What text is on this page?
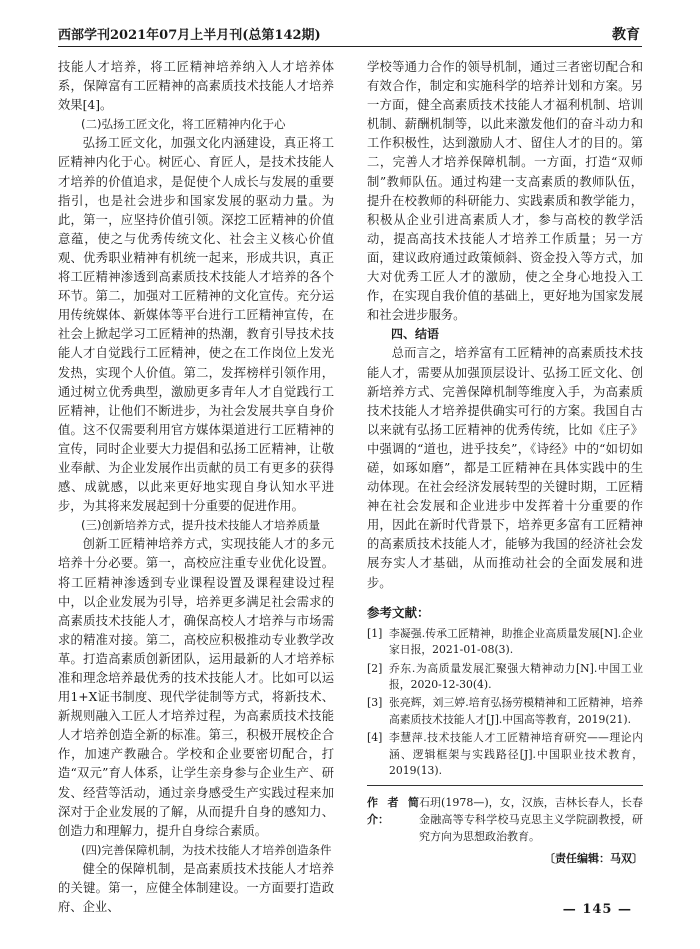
西部学刊2021年07月上半月刊(总第142期)	教育

技能人才培养，将工匠精神培养纳入人才培养体系，保障富有工匠精神的高素质技术技能人才培养效果[4]。

(二)弘扬工匠文化，将工匠精神内化于心

弘扬工匠文化，加强文化内涵建设，真正将工匠精神内化于心。树匠心、育匠人，是技术技能人才培养的价值追求，是促使个人成长与发展的重要指引，也是社会进步和国家发展的驱动力量。为此，第一，应坚持价值引领。深挖工匠精神的价值意蕴，使之与优秀传统文化、社会主义核心价值观、优秀职业精神有机统一起来，形成共识，真正将工匠精神渗透到高素质技术技能人才培养的各个环节。第二，加强对工匠精神的文化宣传。充分运用传统媒体、新媒体等平台进行工匠精神宣传，在社会上掀起学习工匠精神的热潮，教育引导技术技能人才自觉践行工匠精神，使之在工作岗位上发光发热，实现个人价值。第二，发挥榜样引领作用，通过树立优秀典型，激励更多青年人才自觉践行工匠精神，让他们不断进步，为社会发展共享自身价值。这不仅需要利用官方媒体渠道进行工匠精神的宣传，同时企业要大力提倡和弘扬工匠精神，让敬业奉献、为企业发展作出贡献的员工有更多的获得感、成就感，以此来更好地实现自身认知水平进步，为其将来发展起到十分重要的促进作用。

(三)创新培养方式，提升技术技能人才培养质量

创新工匠精神培养方式，实现技能人才的多元培养十分必要。第一，高校应注重专业优化设置。将工匠精神渗透到专业课程设置及课程建设过程中，以企业发展为引导，培养更多满足社会需求的高素质技术技能人才，确保高校人才培养与市场需求的精准对接。第二，高校应积极推动专业教学改革。打造高素质创新团队，运用最新的人才培养标准和理念培养最优秀的技术技能人才。比如可以运用1+X证书制度、现代学徒制等方式，将新技术、新规则融入工匠人才培养过程，为高素质技术技能人才培养创造全新的标准。第三，积极开展校企合作，加速产教融合。学校和企业要密切配合，打造“双元”育人体系，让学生亲身参与企业生产、研发、经营等活动，通过亲身感受生产实践过程来加深对于企业发展的了解，从而提升自身的感知力、创造力和理解力，提升自身综合素质。

(四)完善保障机制，为技术技能人才培养创造条件

健全的保障机制，是高素质技术技能人才培养的关键。第一，应健全体制建设。一方面要打造政府、企业、

学校等通力合作的领导机制，通过三者密切配合和有效合作，制定和实施科学的培养计划和方案。另一方面，健全高素质技术技能人才福利机制、培训机制、薪酬机制等，以此来激发他们的奋斗动力和工作积极性，达到激励人才、留住人才的目的。第二，完善人才培养保障机制。一方面，打造“双师制”教师队伍。通过构建一支高素质的教师队伍，提升在校教师的科研能力、实践素质和教学能力，积极从企业引进高素质人才，参与高校的教学活动，提高高技术技能人才培养工作质量；另一方面，建议政府通过政策倾斜、资金投入等方式，加大对优秀工匠人才的激励，使之全身心地投入工作，在实现自我价值的基础上，更好地为国家发展和社会进步服务。

四、结语

总而言之，培养富有工匠精神的高素质技术技能人才，需要从加强顶层设计、弘扬工匠文化、创新培养方式、完善保障机制等维度入手，为高素质技术技能人才培养提供确实可行的方案。我国自古以来就有弘扬工匠精神的优秀传统，比如《庄子》中强调的“道也，进乎技矣”，《诗经》中的“如切如磋，如琢如磨”，都是工匠精神在具体实践中的生动体现。在社会经济发展转型的关键时期，工匠精神在社会发展和企业进步中发挥着十分重要的作用，因此在新时代背景下，培养更多富有工匠精神的高素质技术技能人才，能够为我国的经济社会发展夯实人才基础，从而推动社会的全面发展和进步。

参考文献：
[1] 李凝强.传承工匠精神，助推企业高质量发展[N].企业家日报，2021-01-08(3).
[2] 乔东.为高质量发展汇聚强大精神动力[N].中国工业报，2020-12-30(4).
[3] 张亮辉，刘三婷.培育弘扬劳模精神和工匠精神，培养高素质技术技能人才[J].中国高等教育，2019(21).
[4] 李慧萍.技术技能人才工匠精神培育研究——理论内涵、逻辑框架与实践路径[J].中国职业技术教育，2019(13).
作者简介：
石玥(1978—)，女，汉族，吉林长春人，长春金融高等专科学校马克思主义学院副教授，研究方向为思想政治教育。
〔责任编辑：马双〕
— 145 —
